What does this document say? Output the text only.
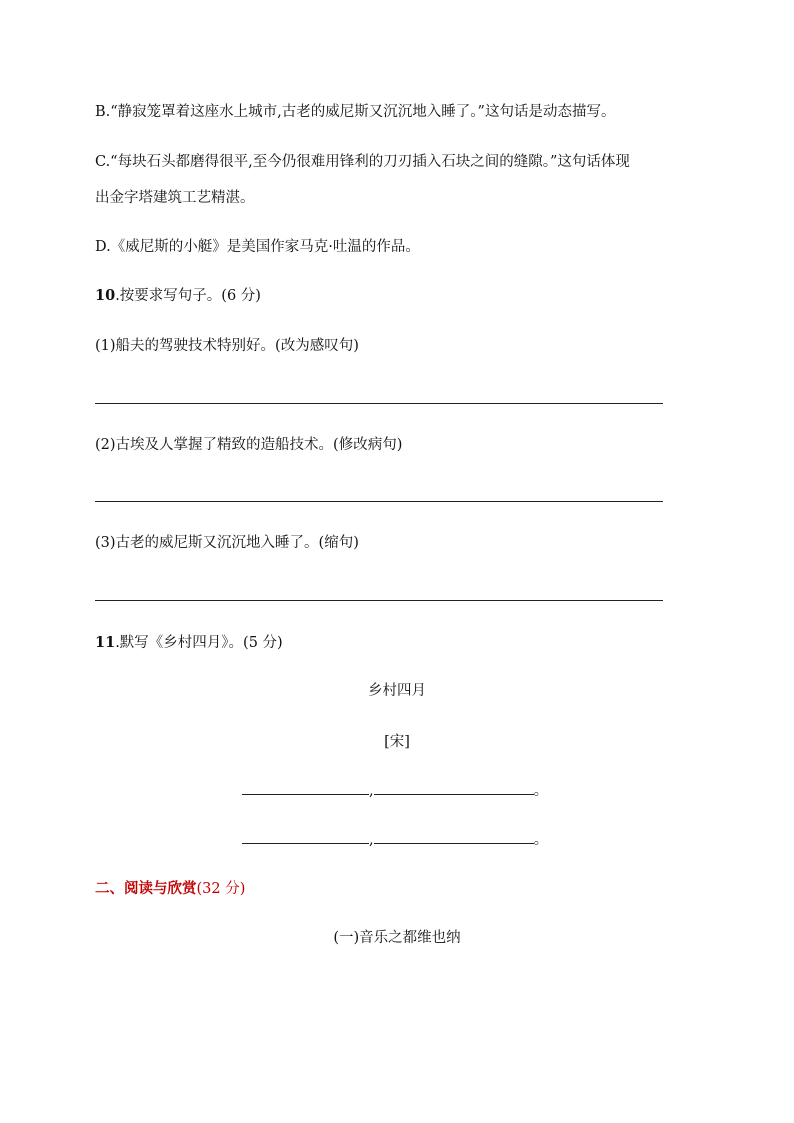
B.“静寂笼罩着这座水上城市,古老的威尼斯又沉沉地入睡了。”这句话是动态描写。
C.“每块石头都磨得很平,至今仍很难用锋利的刀刃插入石块之间的缝隙。”这句话体现
出金字塔建筑工艺精湛。
D.《威尼斯的小艇》是美国作家马克·吐温的作品。
10.按要求写句子。(6 分)
(1)船夫的驾驶技术特别好。(改为感叹句)
(2)古埃及人掌握了精致的造船技术。(修改病句)
(3)古老的威尼斯又沉沉地入睡了。(缩句)
11.默写《乡村四月》。(5 分)
乡村四月
[宋]
,	。
,	。
二、阅读与欣赏(32 分)
(一)音乐之都维也纳
